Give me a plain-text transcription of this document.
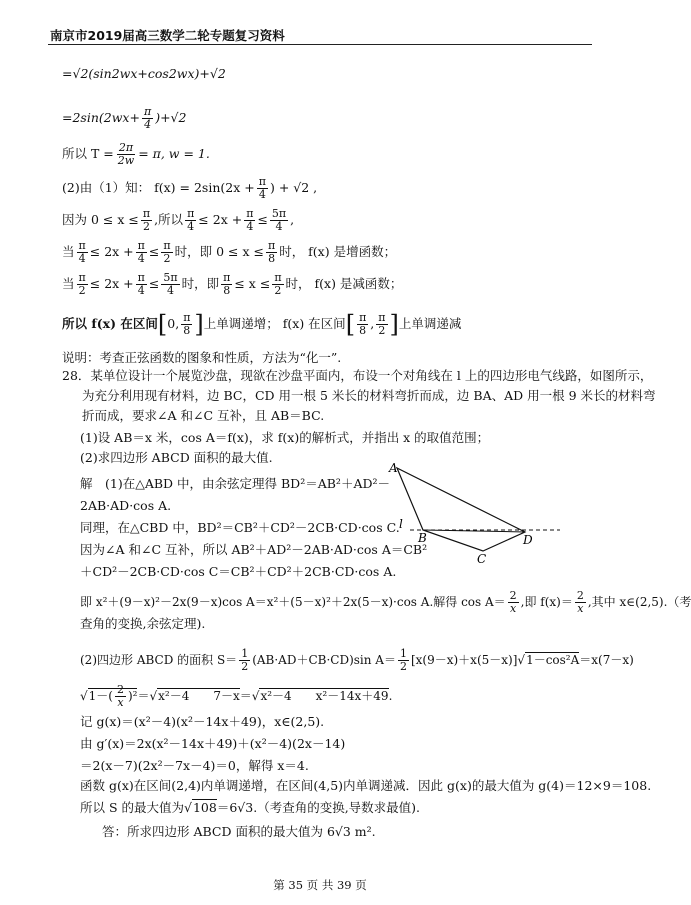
南京市2019届高三数学二轮专题复习资料
=√2(sin2wx+cos2wx)+√2
$=2\sin(2wx+ \frac{\pi}{4} )+√2$
所以 $T = \frac{2\pi}{2w} = \pi$, w = 1.
(2)由（1）知： $f(x) = 2\sin(2x + \frac{\pi}{4}$ ) + √2 ,
因为 $0 \le x \le \frac{\pi}{2}$ ,所以 $\frac{\pi}{4} \le 2x + \frac{\pi}{4} \le \frac{5\pi}{4}$ ,
当 $\frac{\pi}{4} \le 2x + \frac{\pi}{4} \le \frac{\pi}{2}$ 时，即 $0 \le x \le \frac{\pi}{8}$ 时， f(x) 是增函数；
当 $\frac{\pi}{2} \le 2x + \frac{\pi}{4} \le \frac{5\pi}{4}$ 时，即 $\frac{\pi}{8} \le x \le \frac{\pi}{2}$ 时， f(x) 是减函数；
所以 f(x) 在区间[0, $\frac{\pi}{8}$ ]上单调递增； f(x) 在区间[ $\frac{\pi}{8}$ , $\frac{\pi}{2}$ ]上单调递减
说明：考查正弦函数的图象和性质，方法为“化一”.
28．某单位设计一个展览沙盘，现欲在沙盘平面内，布设一个对角线在 l 上的四边形电气线路，如图所示，
为充分利用现有材料，边 BC，CD 用一根 5 米长的材料弯折而成，边 BA、AD 用一根 9 米长的材料弯
折而成，要求∠A 和∠C 互补，且 AB＝BC.
(1)设 AB＝x 米，cos A＝f(x)，求 f(x)的解析式，并指出 x 的取值范围；
(2)求四边形 ABCD 面积的最大值.
解　(1)在△ABD 中，由余弦定理得 BD²＝AB²＋AD²－
2AB·AD·cos A.
同理，在△CBD 中，BD²＝CB²＋CD²－2CB·CD·cos C.
因为∠A 和∠C 互补，所以 AB²＋AD²－2AB·AD·cos A＝CB²
＋CD²－2CB·CD·cos C＝CB²＋CD²＋2CB·CD·cos A.
即 x²＋(9－x)²－2x(9－x)cos A＝x²＋(5－x)²＋2x(5－x)·cos A.解得 $\cos A= \frac{2}{x}$ ,即 $f(x)= \frac{2}{x}$ ,其中 x∈(2,5).（考
查角的变换,余弦定理).
(2)四边形 ABCD 的面积 $S= \frac{1}{2} (AB\cdot AD+CB\cdot CD)\sin$ $A= \frac{1}{2} [x(9-x)+x(5-x)]√1-\cos^2A=x(7-x)$
$√1-( \frac{2}{x} )^2=√x^2-4$　　7－x＝√x²－4　　x²－14x＋49.
记 g(x)＝(x²－4)(x²－14x＋49)，x∈(2,5).
由 g′(x)＝2x(x²－14x＋49)＋(x²－4)(2x－14)
＝2(x－7)(2x²－7x－4)＝0，解得 x＝4.
函数 g(x)在区间(2,4)内单调递增，在区间(4,5)内单调递减．因此 g(x)的最大值为 g(4)＝12×9＝108.
所以 S 的最大值为√108＝6√3.（考查角的变换,导数求最值).
答：所求四边形 ABCD 面积的最大值为 6√3 m².
A
B
C
D
l
第 35 页 共 39 页
